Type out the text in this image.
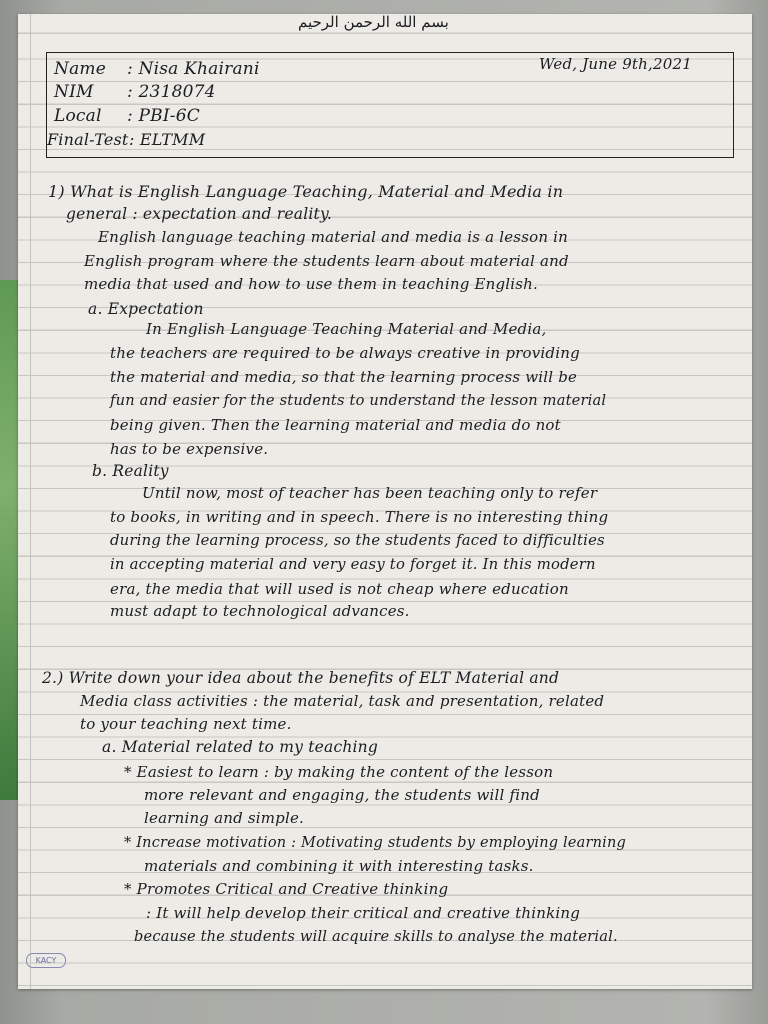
بسم الله الرحمن الرحيم
Name : Nisa Khairani
NIM : 2318074
Local : PBI-6C
Final-Test : ELTMM
Wed, June 9th,2021
1) What is English Language Teaching, Material and Media in
general : expectation and reality.
English language teaching material and media is a lesson in
English program where the students learn about material and
media that used and how to use them in teaching English.
a. Expectation
In English Language Teaching Material and Media,
the teachers are required to be always creative in providing
the material and media, so that the learning process will be
fun and easier for the students to understand the lesson material
being given. Then the learning material and media do not
has to be expensive.
b. Reality
Until now, most of teacher has been teaching only to refer
to books, in writing and in speech. There is no interesting thing
during the learning process, so the students faced to difficulties
in accepting material and very easy to forget it. In this modern
era, the media that will used is not cheap where education
must adapt to technological advances.
2.) Write down your idea about the benefits of ELT Material and
Media class activities : the material, task and presentation, related
to your teaching next time.
a. Material related to my teaching
* Easiest to learn : by making the content of the lesson
more relevant and engaging, the students will find
learning and simple.
* Increase motivation : Motivating students by employing learning
materials and combining it with interesting tasks.
* Promotes Critical and Creative thinking
: It will help develop their critical and creative thinking
because the students will acquire skills to analyse the material.
KACY
